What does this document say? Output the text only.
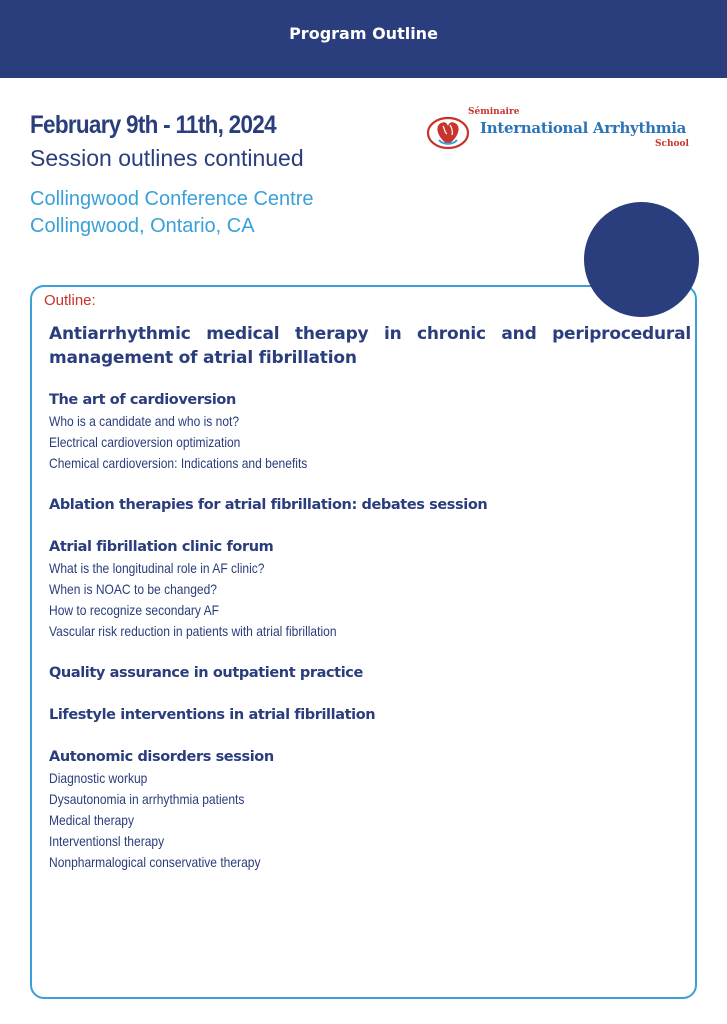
Program Outline
February 9th - 11th, 2024
Session outlines continued
Collingwood Conference Centre
Collingwood, Ontario, CA
Séminaire
International Arrhythmia
School
Outline:
Antiarrhythmic medical therapy in chronic and periprocedural management of atrial fibrillation
The art of cardioversion
Who is a candidate and who is not?
Electrical cardioversion optimization
Chemical cardioversion: Indications and benefits
Ablation therapies for atrial fibrillation: debates session
Atrial fibrillation clinic forum
What is the longitudinal role in AF clinic?
When is NOAC to be changed?
How to recognize secondary AF
Vascular risk reduction in patients with atrial fibrillation
Quality assurance in outpatient practice
Lifestyle interventions in atrial fibrillation
Autonomic disorders session
Diagnostic workup
Dysautonomia in arrhythmia patients
Medical therapy
Interventionsl therapy
Nonpharmalogical conservative therapy
